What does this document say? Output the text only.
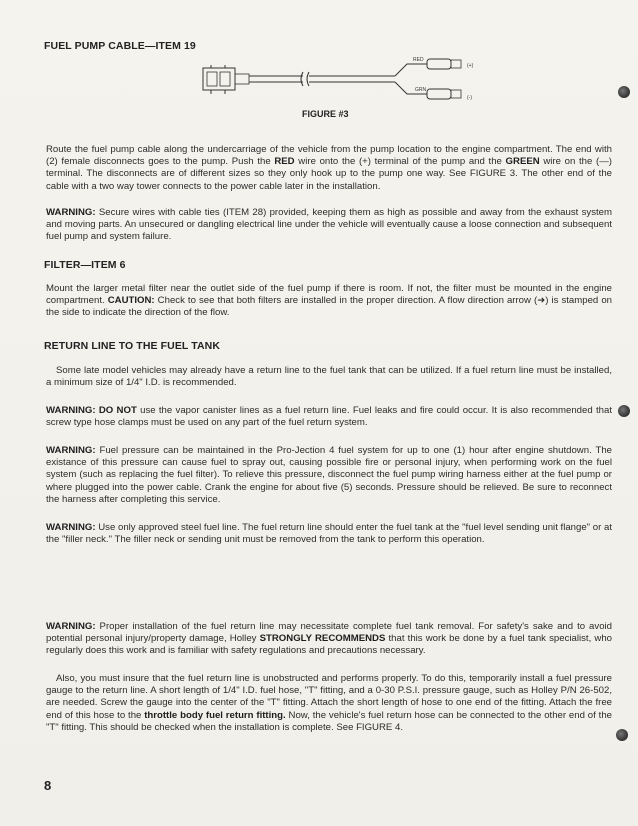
FUEL PUMP CABLE—ITEM 19
RED
GRN
(+)
(-)
FIGURE #3
Route the fuel pump cable along the undercarriage of the vehicle from the pump location to the engine compartment. The end with (2) female disconnects goes to the pump. Push the RED wire onto the (+) terminal of the pump and the GREEN wire on the (—) terminal. The disconnects are of different sizes so they only hook up to the pump one way. See FIGURE 3. The other end of the cable with a two way tower connects to the power cable later in the installation.
WARNING: Secure wires with cable ties (ITEM 28) provided, keeping them as high as possible and away from the exhaust system and moving parts. An unsecured or dangling electrical line under the vehicle will eventually cause a loose connection and subsequent fuel pump and system failure.
FILTER—ITEM 6
Mount the larger metal filter near the outlet side of the fuel pump if there is room. If not, the filter must be mounted in the engine compartment. CAUTION: Check to see that both filters are installed in the proper direction. A flow direction arrow (➜) is stamped on the side to indicate the direction of the flow.
RETURN LINE TO THE FUEL TANK
Some late model vehicles may already have a return line to the fuel tank that can be utilized. If a fuel return line must be installed, a minimum size of 1/4" I.D. is recommended.
WARNING: DO NOT use the vapor canister lines as a fuel return line. Fuel leaks and fire could occur. It is also recommended that screw type hose clamps must be used on any part of the fuel return system.
WARNING: Fuel pressure can be maintained in the Pro-Jection 4 fuel system for up to one (1) hour after engine shutdown. The existance of this pressure can cause fuel to spray out, causing possible fire or personal injury, when performing work on the fuel system (such as replacing the fuel filter). To relieve this pressure, disconnect the fuel pump wiring harness either at the fuel pump or where plugged into the power cable. Crank the engine for about five (5) seconds. Pressure should be relieved. Be sure to reconnect the harness after completing this service.
WARNING: Use only approved steel fuel line. The fuel return line should enter the fuel tank at the "fuel level sending unit flange" or at the "filler neck." The filler neck or sending unit must be removed from the tank to perform this operation.
WARNING: Proper installation of the fuel return line may necessitate complete fuel tank removal. For safety's sake and to avoid potential personal injury/property damage, Holley STRONGLY RECOMMENDS that this work be done by a fuel tank specialist, who regularly does this work and is familiar with safety regulations and precautions necessary.
Also, you must insure that the fuel return line is unobstructed and performs properly. To do this, temporarily install a fuel pressure gauge to the return line. A short length of 1/4" I.D. fuel hose, "T" fitting, and a 0-30 P.S.I. pressure gauge, such as Holley P/N 26-502, are needed. Screw the gauge into the center of the "T" fitting. Attach the short length of hose to one end of the fitting. Attach the free end of this hose to the throttle body fuel return fitting. Now, the vehicle's fuel return hose can be connected to the other end of the "T" fitting. This should be checked when the installation is complete. See FIGURE 4.
8
